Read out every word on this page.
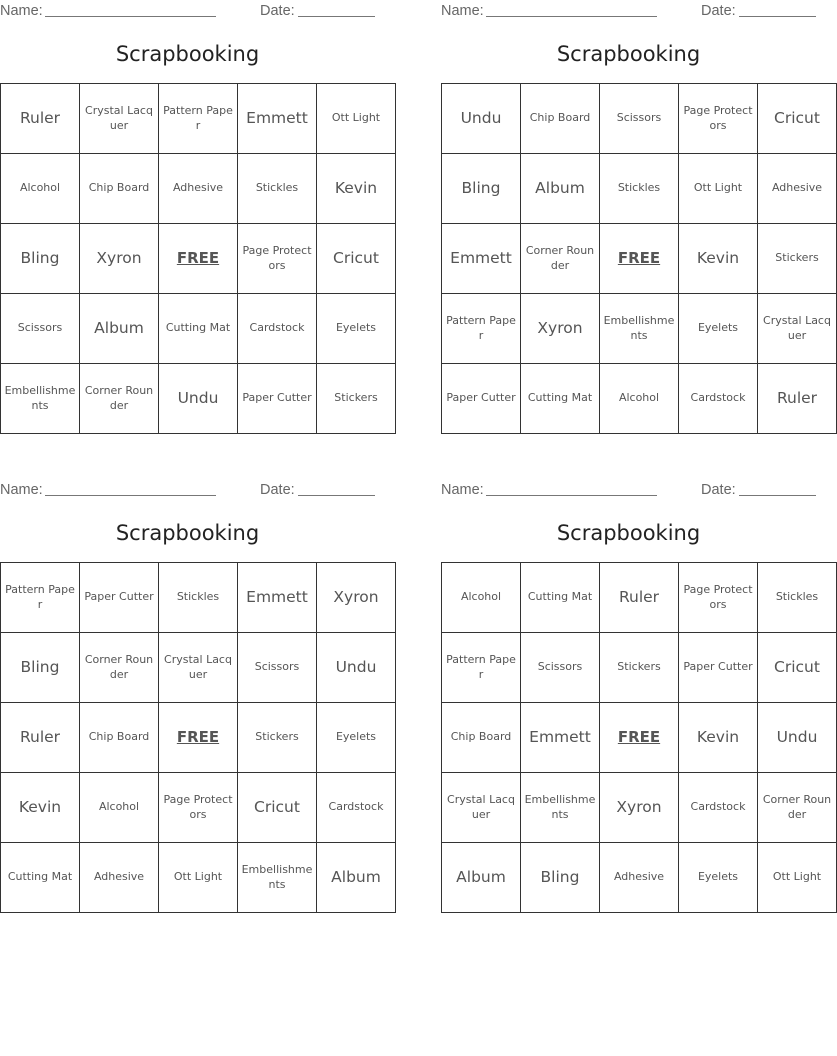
Name:	Date:
Scrapbooking
Ruler	Crystal Lacquer	Pattern Paper	Emmett	Ott Light
Alcohol	Chip Board	Adhesive	Stickles	Kevin
Bling	Xyron	FREE	Page Protectors	Cricut
Scissors	Album	Cutting Mat	Cardstock	Eyelets
Embellishments	Corner Rounder	Undu	Paper Cutter	Stickers
Name:	Date:
Scrapbooking
Undu	Chip Board	Scissors	Page Protectors	Cricut
Bling	Album	Stickles	Ott Light	Adhesive
Emmett	Corner Rounder	FREE	Kevin	Stickers
Pattern Paper	Xyron	Embellishments	Eyelets	Crystal Lacquer
Paper Cutter	Cutting Mat	Alcohol	Cardstock	Ruler
Name:	Date:
Scrapbooking
Pattern Paper	Paper Cutter	Stickles	Emmett	Xyron
Bling	Corner Rounder	Crystal Lacquer	Scissors	Undu
Ruler	Chip Board	FREE	Stickers	Eyelets
Kevin	Alcohol	Page Protectors	Cricut	Cardstock
Cutting Mat	Adhesive	Ott Light	Embellishments	Album
Name:	Date:
Scrapbooking
Alcohol	Cutting Mat	Ruler	Page Protectors	Stickles
Pattern Paper	Scissors	Stickers	Paper Cutter	Cricut
Chip Board	Emmett	FREE	Kevin	Undu
Crystal Lacquer	Embellishments	Xyron	Cardstock	Corner Rounder
Album	Bling	Adhesive	Eyelets	Ott Light
